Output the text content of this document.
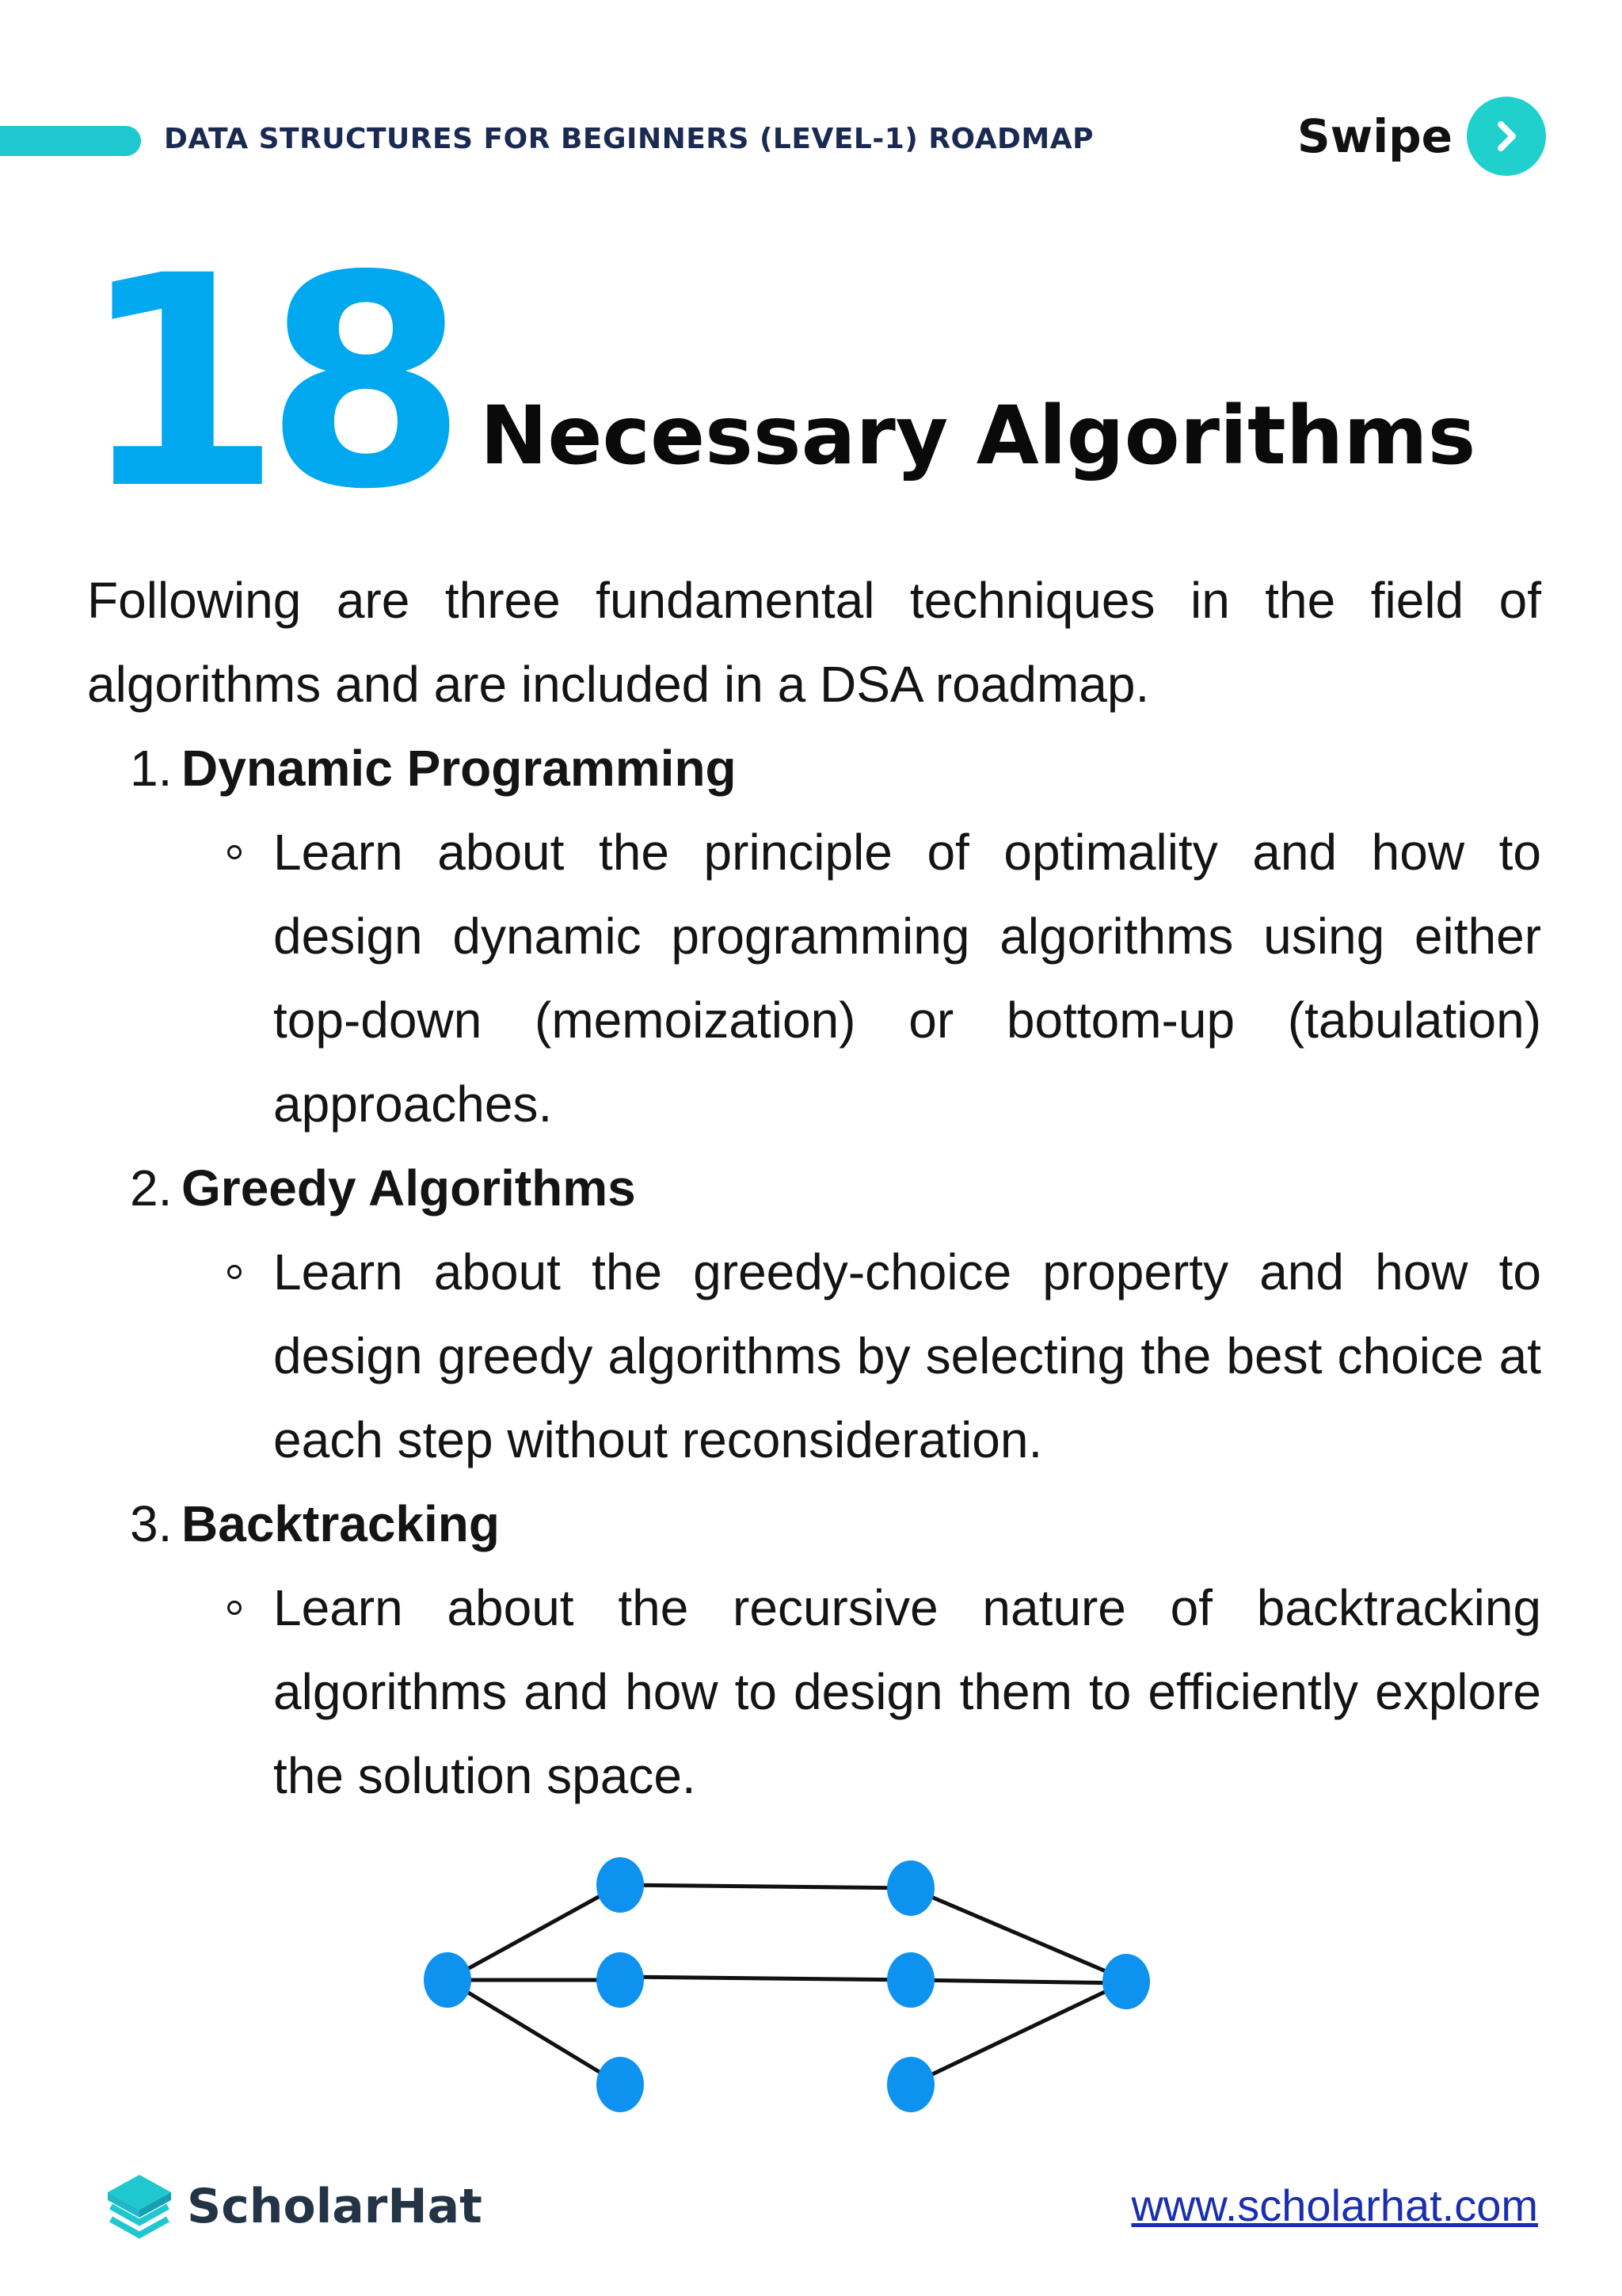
DATA STRUCTURES FOR BEGINNERS (LEVEL-1) ROADMAP	Swipe
18 Necessary Algorithms

Following are three fundamental techniques in the field of algorithms and are included in a DSA roadmap.

1. Dynamic Programming

Learn about the principle of optimality and how to design dynamic programming algorithms using either top-down (memoization) or bottom-up (tabulation) approaches.

2. Greedy Algorithms

Learn about the greedy-choice property and how to design greedy algorithms by selecting the best choice at each step without reconsideration.

3. Backtracking

Learn about the recursive nature of backtracking algorithms and how to design them to efficiently explore the solution space.

ScholarHat	www.scholarhat.com
